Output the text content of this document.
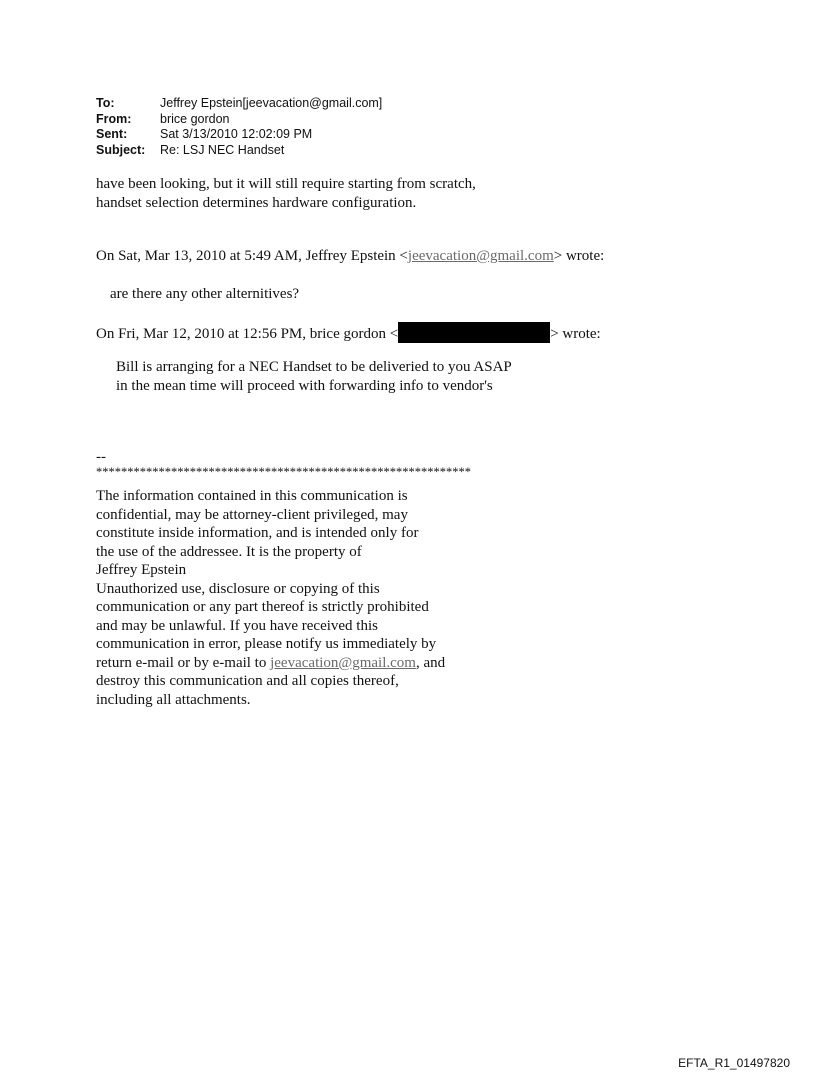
To:	Jeffrey Epstein[jeevacation@gmail.com]
From:	brice gordon
Sent:	Sat 3/13/2010 12:02:09 PM
Subject:	Re: LSJ NEC Handset
have been looking, but it will still require starting from scratch,
handset selection determines hardware configuration.
On Sat, Mar 13, 2010 at 5:49 AM, Jeffrey Epstein <jeevacation@gmail.com> wrote:
are there any other alternitives?
On Fri, Mar 12, 2010 at 12:56 PM, brice gordon <	> wrote:
Bill is arranging for a NEC Handset to be deliveried to you ASAP
in the mean time will proceed with forwarding info to vendor's
--
************************************************************
The information contained in this communication is
confidential, may be attorney-client privileged, may
constitute inside information, and is intended only for
the use of the addressee. It is the property of
Jeffrey Epstein
Unauthorized use, disclosure or copying of this
communication or any part thereof is strictly prohibited
and may be unlawful. If you have received this
communication in error, please notify us immediately by
return e-mail or by e-mail to jeevacation@gmail.com, and
destroy this communication and all copies thereof,
including all attachments.
EFTA_R1_01497820
